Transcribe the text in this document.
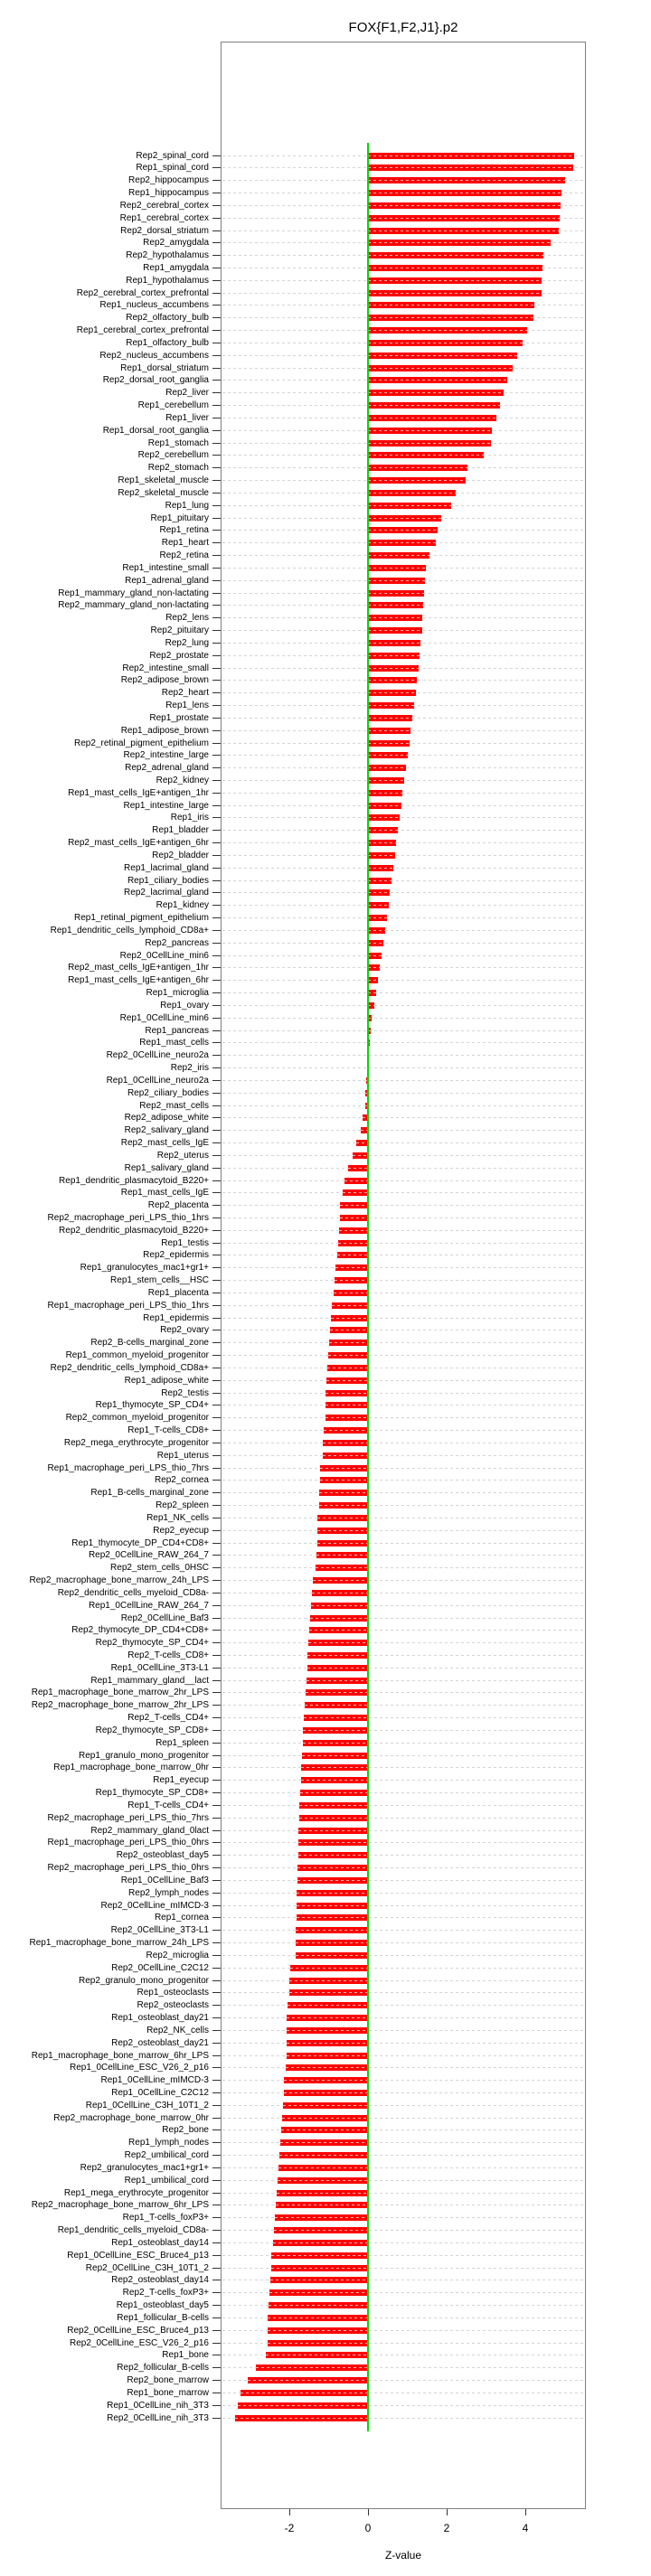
FOX{F1,F2,J1}.p2
Rep2_spinal_cord
Rep1_spinal_cord
Rep2_hippocampus
Rep1_hippocampus
Rep2_cerebral_cortex
Rep1_cerebral_cortex
Rep2_dorsal_striatum
Rep2_amygdala
Rep2_hypothalamus
Rep1_amygdala
Rep1_hypothalamus
Rep2_cerebral_cortex_prefrontal
Rep1_nucleus_accumbens
Rep2_olfactory_bulb
Rep1_cerebral_cortex_prefrontal
Rep1_olfactory_bulb
Rep2_nucleus_accumbens
Rep1_dorsal_striatum
Rep2_dorsal_root_ganglia
Rep2_liver
Rep1_cerebellum
Rep1_liver
Rep1_dorsal_root_ganglia
Rep1_stomach
Rep2_cerebellum
Rep2_stomach
Rep1_skeletal_muscle
Rep2_skeletal_muscle
Rep1_lung
Rep1_pituitary
Rep1_retina
Rep1_heart
Rep2_retina
Rep1_intestine_small
Rep1_adrenal_gland
Rep1_mammary_gland_non-lactating
Rep2_mammary_gland_non-lactating
Rep2_lens
Rep2_pituitary
Rep2_lung
Rep2_prostate
Rep2_intestine_small
Rep2_adipose_brown
Rep2_heart
Rep1_lens
Rep1_prostate
Rep1_adipose_brown
Rep2_retinal_pigment_epithelium
Rep2_intestine_large
Rep2_adrenal_gland
Rep2_kidney
Rep1_mast_cells_IgE+antigen_1hr
Rep1_intestine_large
Rep1_iris
Rep1_bladder
Rep2_mast_cells_IgE+antigen_6hr
Rep2_bladder
Rep1_lacrimal_gland
Rep1_ciliary_bodies
Rep2_lacrimal_gland
Rep1_kidney
Rep1_retinal_pigment_epithelium
Rep1_dendritic_cells_lymphoid_CD8a+
Rep2_pancreas
Rep2_0CellLine_min6
Rep2_mast_cells_IgE+antigen_1hr
Rep1_mast_cells_IgE+antigen_6hr
Rep1_microglia
Rep1_ovary
Rep1_0CellLine_min6
Rep1_pancreas
Rep1_mast_cells
Rep2_0CellLine_neuro2a
Rep2_iris
Rep1_0CellLine_neuro2a
Rep2_ciliary_bodies
Rep2_mast_cells
Rep2_adipose_white
Rep2_salivary_gland
Rep2_mast_cells_IgE
Rep2_uterus
Rep1_salivary_gland
Rep1_dendritic_plasmacytoid_B220+
Rep1_mast_cells_IgE
Rep2_placenta
Rep2_macrophage_peri_LPS_thio_1hrs
Rep2_dendritic_plasmacytoid_B220+
Rep1_testis
Rep2_epidermis
Rep1_granulocytes_mac1+gr1+
Rep1_stem_cells__HSC
Rep1_placenta
Rep1_macrophage_peri_LPS_thio_1hrs
Rep1_epidermis
Rep2_ovary
Rep2_B-cells_marginal_zone
Rep1_common_myeloid_progenitor
Rep2_dendritic_cells_lymphoid_CD8a+
Rep1_adipose_white
Rep2_testis
Rep1_thymocyte_SP_CD4+
Rep2_common_myeloid_progenitor
Rep1_T-cells_CD8+
Rep2_mega_erythrocyte_progenitor
Rep1_uterus
Rep1_macrophage_peri_LPS_thio_7hrs
Rep2_cornea
Rep1_B-cells_marginal_zone
Rep2_spleen
Rep1_NK_cells
Rep2_eyecup
Rep1_thymocyte_DP_CD4+CD8+
Rep2_0CellLine_RAW_264_7
Rep2_stem_cells_0HSC
Rep2_macrophage_bone_marrow_24h_LPS
Rep2_dendritic_cells_myeloid_CD8a-
Rep1_0CellLine_RAW_264_7
Rep2_0CellLine_Baf3
Rep2_thymocyte_DP_CD4+CD8+
Rep2_thymocyte_SP_CD4+
Rep2_T-cells_CD8+
Rep1_0CellLine_3T3-L1
Rep1_mammary_gland__lact
Rep1_macrophage_bone_marrow_2hr_LPS
Rep2_macrophage_bone_marrow_2hr_LPS
Rep2_T-cells_CD4+
Rep2_thymocyte_SP_CD8+
Rep1_spleen
Rep1_granulo_mono_progenitor
Rep1_macrophage_bone_marrow_0hr
Rep1_eyecup
Rep1_thymocyte_SP_CD8+
Rep1_T-cells_CD4+
Rep2_macrophage_peri_LPS_thio_7hrs
Rep2_mammary_gland_0lact
Rep1_macrophage_peri_LPS_thio_0hrs
Rep2_osteoblast_day5
Rep2_macrophage_peri_LPS_thio_0hrs
Rep1_0CellLine_Baf3
Rep2_lymph_nodes
Rep2_0CellLine_mIMCD-3
Rep1_cornea
Rep2_0CellLine_3T3-L1
Rep1_macrophage_bone_marrow_24h_LPS
Rep2_microglia
Rep2_0CellLine_C2C12
Rep2_granulo_mono_progenitor
Rep1_osteoclasts
Rep2_osteoclasts
Rep1_osteoblast_day21
Rep2_NK_cells
Rep2_osteoblast_day21
Rep1_macrophage_bone_marrow_6hr_LPS
Rep1_0CellLine_ESC_V26_2_p16
Rep1_0CellLine_mIMCD-3
Rep1_0CellLine_C2C12
Rep1_0CellLine_C3H_10T1_2
Rep2_macrophage_bone_marrow_0hr
Rep2_bone
Rep1_lymph_nodes
Rep2_umbilical_cord
Rep2_granulocytes_mac1+gr1+
Rep1_umbilical_cord
Rep1_mega_erythrocyte_progenitor
Rep2_macrophage_bone_marrow_6hr_LPS
Rep1_T-cells_foxP3+
Rep1_dendritic_cells_myeloid_CD8a-
Rep1_osteoblast_day14
Rep1_0CellLine_ESC_Bruce4_p13
Rep2_0CellLine_C3H_10T1_2
Rep2_osteoblast_day14
Rep2_T-cells_foxP3+
Rep1_osteoblast_day5
Rep1_follicular_B-cells
Rep2_0CellLine_ESC_Bruce4_p13
Rep2_0CellLine_ESC_V26_2_p16
Rep1_bone
Rep2_follicular_B-cells
Rep2_bone_marrow
Rep1_bone_marrow
Rep1_0CellLine_nih_3T3
Rep2_0CellLine_nih_3T3
-2	0	2	4
Z-value
